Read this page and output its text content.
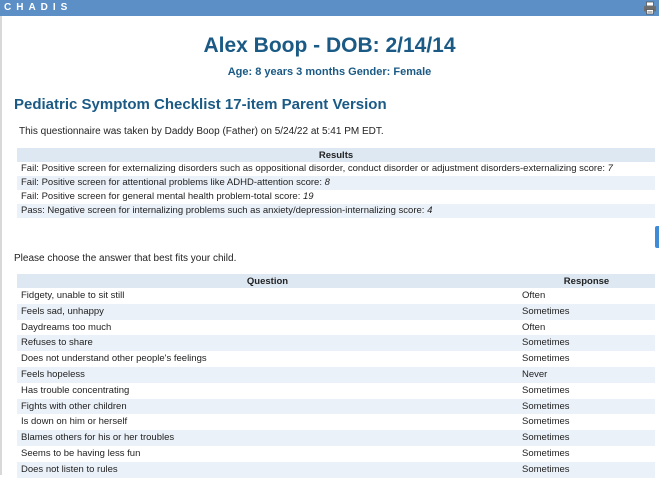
CHADIS
Alex Boop - DOB: 2/14/14
Age: 8 years 3 months Gender: Female
Pediatric Symptom Checklist 17-item Parent Version
This questionnaire was taken by Daddy Boop (Father) on 5/24/22 at 5:41 PM EDT.
Results
Fail: Positive screen for externalizing disorders such as oppositional disorder, conduct disorder or adjustment disorders-externalizing score: 7
Fail: Positive screen for attentional problems like ADHD-attention score: 8
Fail: Positive screen for general mental health problem-total score: 19
Pass: Negative screen for internalizing problems such as anxiety/depression-internalizing score: 4
Please choose the answer that best fits your child.
Question	Response
Fidgety, unable to sit still	Often
Feels sad, unhappy	Sometimes
Daydreams too much	Often
Refuses to share	Sometimes
Does not understand other people's feelings	Sometimes
Feels hopeless	Never
Has trouble concentrating	Sometimes
Fights with other children	Sometimes
Is down on him or herself	Sometimes
Blames others for his or her troubles	Sometimes
Seems to be having less fun	Sometimes
Does not listen to rules	Sometimes
